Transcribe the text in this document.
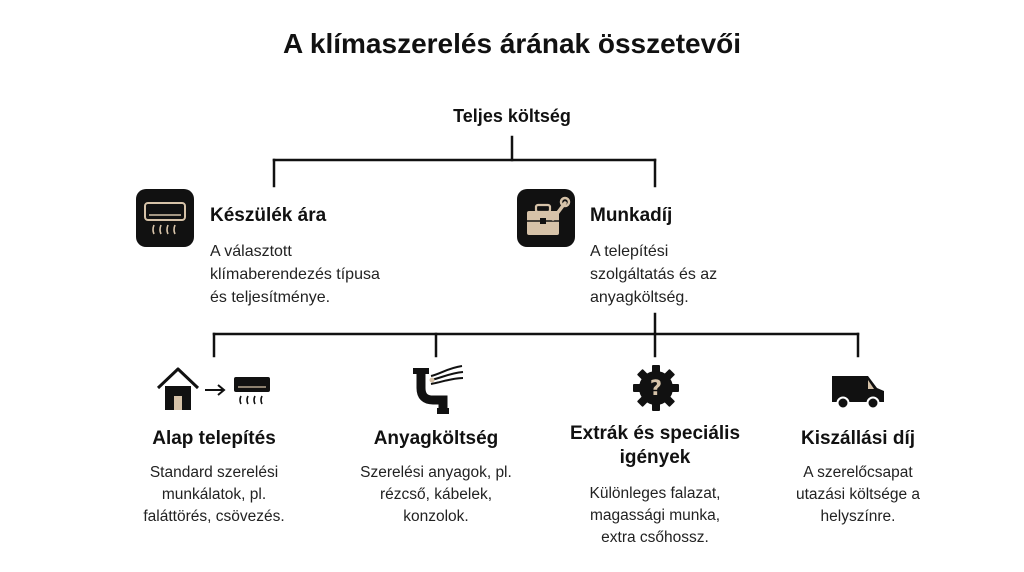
A klímaszerelés árának összetevői
Teljes költség
Készülék ára
A választott
klímaberendezés típusa
és teljesítménye.
Munkadíj
A telepítési
szolgáltatás és az
anyagköltség.
?
Alap telepítés
Standard szerelési
munkálatok, pl.
faláttörés, csövezés.
Anyagköltség
Szerelési anyagok, pl.
rézcső, kábelek,
konzolok.
Extrák és speciális
igények
Különleges falazat,
magassági munka,
extra csőhossz.
Kiszállási díj
A szerelőcsapat
utazási költsége a
helyszínre.
